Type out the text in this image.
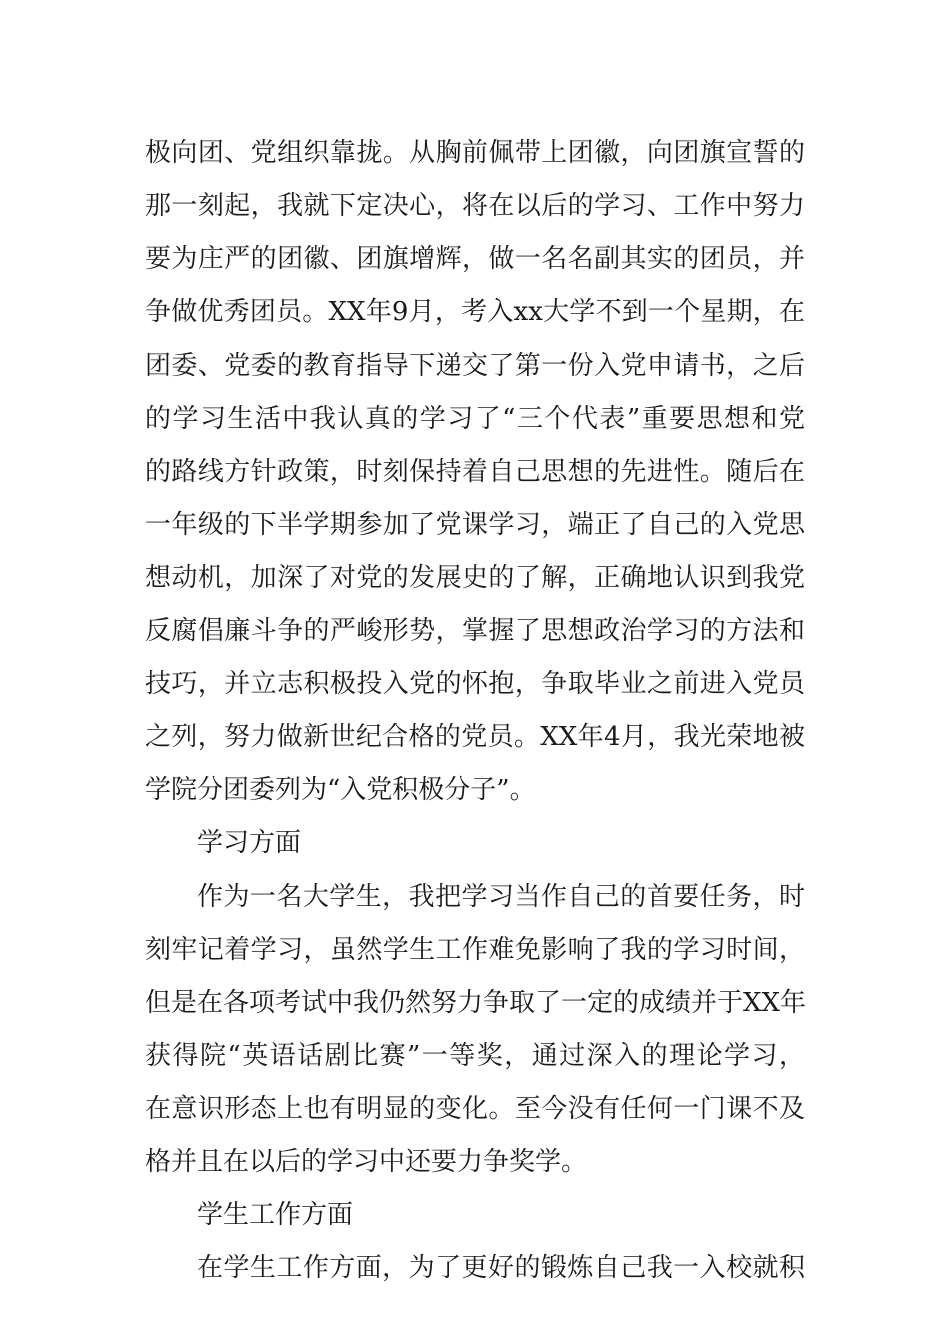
极向团、党组织靠拢。从胸前佩带上团徽，向团旗宣誓的
那一刻起，我就下定决心，将在以后的学习、工作中努力
要为庄严的团徽、团旗增辉，做一名名副其实的团员，并
争做优秀团员。XX年9月，考入xx大学不到一个星期，在
团委、党委的教育指导下递交了第一份入党申请书，之后
的学习生活中我认真的学习了“三个代表”重要思想和党
的路线方针政策，时刻保持着自己思想的先进性。随后在
一年级的下半学期参加了党课学习，端正了自己的入党思
想动机，加深了对党的发展史的了解，正确地认识到我党
反腐倡廉斗争的严峻形势，掌握了思想政治学习的方法和
技巧，并立志积极投入党的怀抱，争取毕业之前进入党员
之列，努力做新世纪合格的党员。XX年4月，我光荣地被
学院分团委列为“入党积极分子”。
学习方面
作为一名大学生，我把学习当作自己的首要任务，时
刻牢记着学习，虽然学生工作难免影响了我的学习时间，
但是在各项考试中我仍然努力争取了一定的成绩并于XX年
获得院“英语话剧比赛”一等奖，通过深入的理论学习，
在意识形态上也有明显的变化。至今没有任何一门课不及
格并且在以后的学习中还要力争奖学。
学生工作方面
在学生工作方面，为了更好的锻炼自己我一入校就积
